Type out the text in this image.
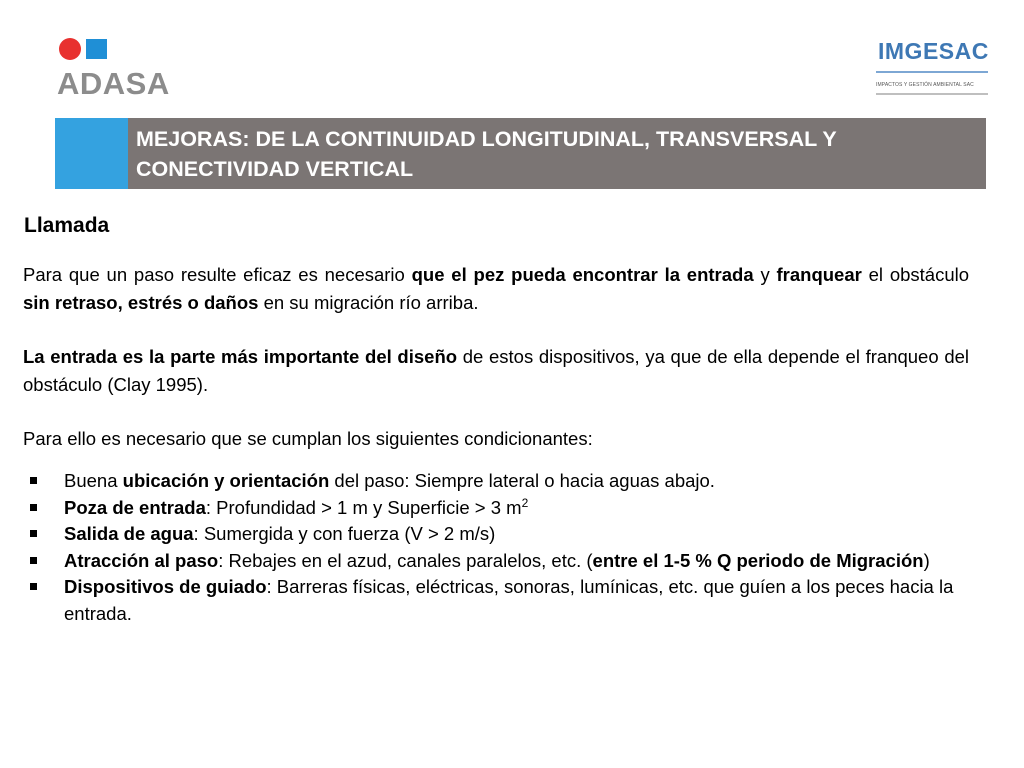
ADASA
IMGESAC
IMPACTOS Y GESTIÓN AMBIENTAL SAC
MEJORAS: DE LA CONTINUIDAD LONGITUDINAL, TRANSVERSAL Y CONECTIVIDAD VERTICAL
Llamada

Para que un paso resulte eficaz es necesario que el pez pueda encontrar la entrada y franquear el obstáculo sin retraso, estrés o daños en su migración río arriba.

La entrada es la parte más importante del diseño de estos dispositivos, ya que de ella depende el franqueo del obstáculo (Clay 1995).

Para ello es necesario que se cumplan los siguientes condicionantes:

Buena ubicación y orientación del paso: Siempre lateral o hacia aguas abajo.
Poza de entrada: Profundidad > 1 m y Superficie > 3 $m^2$
Salida de agua: Sumergida y con fuerza (V > 2 m/s)
Atracción al paso: Rebajes en el azud, canales paralelos, etc. (entre el 1-5 % Q periodo de Migración)
Dispositivos de guiado: Barreras físicas, eléctricas, sonoras, lumínicas, etc. que guíen a los peces hacia la entrada.
